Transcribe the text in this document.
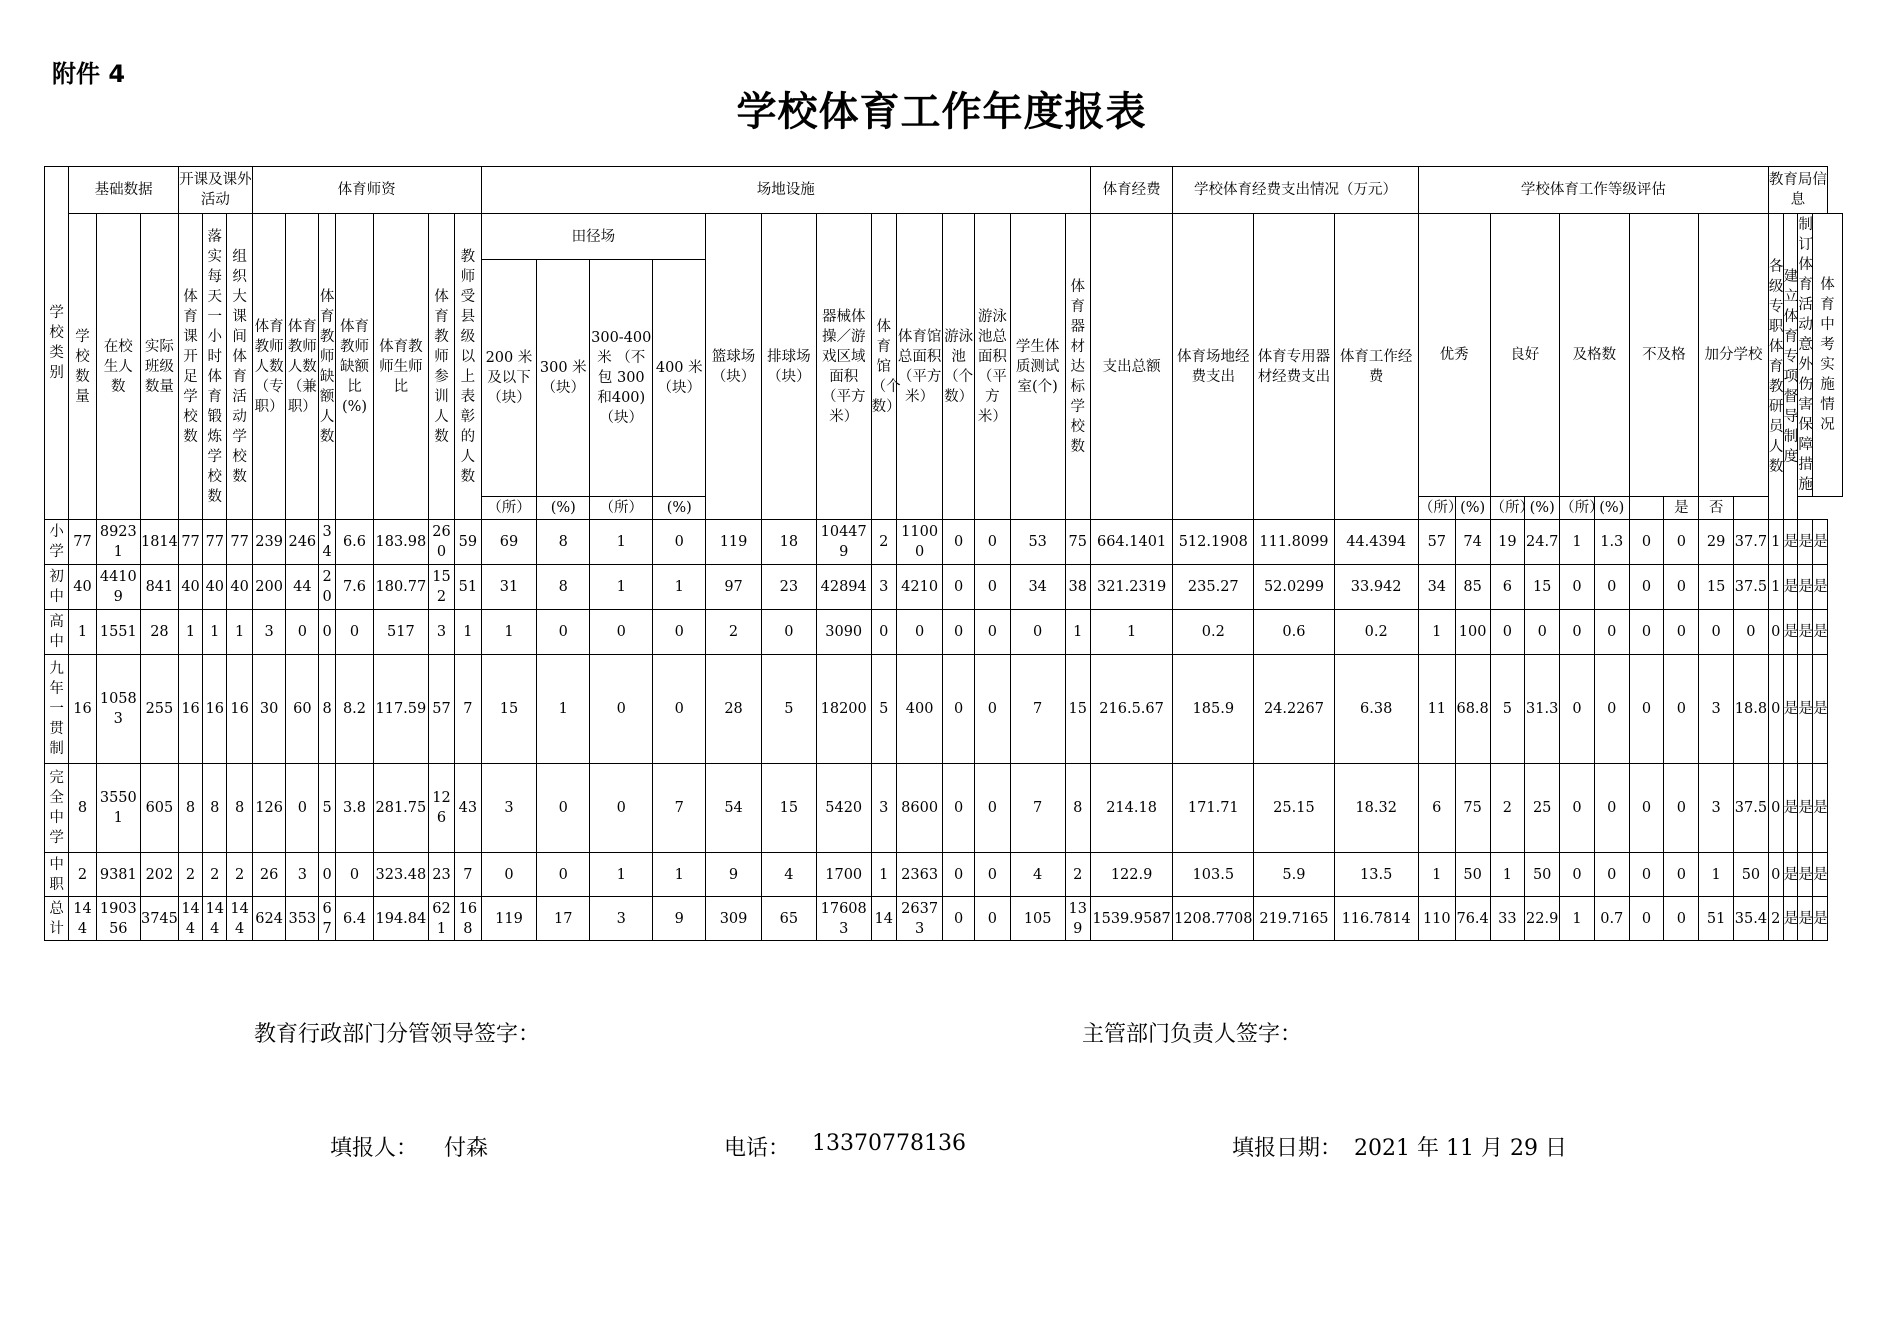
附件 4
学校体育工作年度报表
学校类别	基础数据			开课及课外活动			体育师资							场地设施													体育经费	学校体育经费支出情况（万元）			学校体育工作等级评估										教育局信息			
	学校数量	在校生人数	实际班级数量	体育课开足学校数	落实每天一小时体育锻炼学校数	组织大课间体育活动学校数	体育教师人数（专职）	体育教师人数（兼职）	体育教师缺额人数	体育教师缺额比(%)	体育教师生师比	体育教师参训人数	教师受县级以上表彰的人数	田径场				篮球场（块）	排球场（块）	器械体操／游戏区域面积（平方米）	体育馆（个数）	体育馆总面积（平方米）	游泳池（个数）	游泳池总面积（平方米）	学生体质测试室(个)	体育器材达标学校数	支出总额	体育场地经费支出	体育专用器材经费支出	体育工作经费	优秀		良好		及格数		不及格		加分学校		各级专职体育教研员人数	建立体育专项督导制度	制订体育活动意外伤害保障措施	体育中考实施情况
														200 米及以下（块）	300 米（块）	300-400米 （不包 300 和400)（块）	400 米（块）																											
														（所）	(%)	（所）	(%)														（所）	(%)	（所）	(%)	（所）	(%)		是	否					
小学	77	89231	1814	77	77	77	239	246	34	6.6	183.98	260	59	69	8	1	0	119	18	104479	2	11000	0	0	53	75	664.1401	512.1908	111.8099	44.4394	57	74	19	24.7	1	1.3	0	0	29	37.7	1	是	是	是
初中	40	44109	841	40	40	40	200	44	20	7.6	180.77	152	51	31	8	1	1	97	23	42894	3	4210	0	0	34	38	321.2319	235.27	52.0299	33.942	34	85	6	15	0	0	0	0	15	37.5	1	是	是	是
高中	1	1551	28	1	1	1	3	0	0	0	517	3	1	1	0	0	0	2	0	3090	0	0	0	0	0	1	1	0.2	0.6	0.2	1	100	0	0	0	0	0	0	0	0	0	是	是	是
九年一贯制	16	10583	255	16	16	16	30	60	8	8.2	117.59	57	7	15	1	0	0	28	5	18200	5	400	0	0	7	15	216.5.67	185.9	24.2267	6.38	11	68.8	5	31.3	0	0	0	0	3	18.8	0	是	是	是
完全中学	8	35501	605	8	8	8	126	0	5	3.8	281.75	126	43	3	0	0	7	54	15	5420	3	8600	0	0	7	8	214.18	171.71	25.15	18.32	6	75	2	25	0	0	0	0	3	37.5	0	是	是	是
中职	2	9381	202	2	2	2	26	3	0	0	323.48	23	7	0	0	1	1	9	4	1700	1	2363	0	0	4	2	122.9	103.5	5.9	13.5	1	50	1	50	0	0	0	0	1	50	0	是	是	是
总计	144	190356	3745	144	144	144	624	353	67	6.4	194.84	621	168	119	17	3	9	309	65	176083	14	26373	0	0	105	139	1539.9587	1208.7708	219.7165	116.7814	110	76.4	33	22.9	1	0.7	0	0	51	35.4	2	是	是	是
教育行政部门分管领导签字：	主管部门负责人签字：
填报人： 付森	电话： 13370778136	填报日期： 2021 年 11 月 29 日
